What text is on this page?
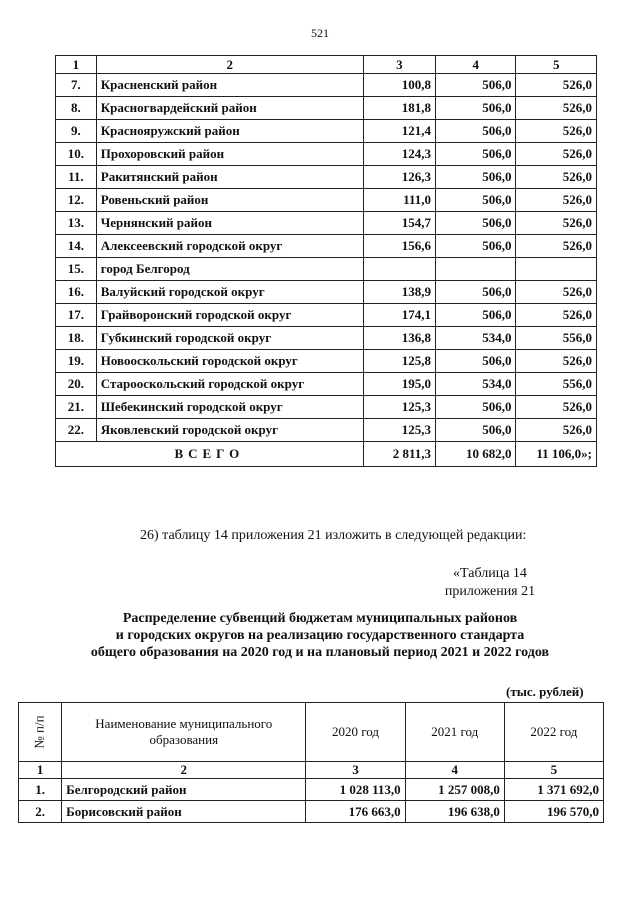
521
1	2	3	4	5
7.	Красненский район	100,8	506,0	526,0
8.	Красногвардейский район	181,8	506,0	526,0
9.	Краснояружский район	121,4	506,0	526,0
10.	Прохоровский район	124,3	506,0	526,0
11.	Ракитянский район	126,3	506,0	526,0
12.	Ровеньский район	111,0	506,0	526,0
13.	Чернянский район	154,7	506,0	526,0
14.	Алексеевский городской округ	156,6	506,0	526,0
15.	город Белгород			
16.	Валуйский городской округ	138,9	506,0	526,0
17.	Грайворонский городской округ	174,1	506,0	526,0
18.	Губкинский городской округ	136,8	534,0	556,0
19.	Новооскольский городской округ	125,8	506,0	526,0
20.	Старооскольский городской округ	195,0	534,0	556,0
21.	Шебекинский городской округ	125,3	506,0	526,0
22.	Яковлевский городской округ	125,3	506,0	526,0
ВСЕГО		2 811,3	10 682,0	11 106,0»;
26) таблицу 14 приложения 21 изложить в следующей редакции:
«Таблица 14
приложения 21
Распределение субвенций бюджетам муниципальных районов
и городских округов на реализацию государственного стандарта
общего образования на 2020 год и на плановый период 2021 и 2022 годов
(тыс. рублей)
№ п/п	Наименование муниципального образования	2020 год	2021 год	2022 год
1	2	3	4	5
1.	Белгородский район	1 028 113,0	1 257 008,0	1 371 692,0
2.	Борисовский район	176 663,0	196 638,0	196 570,0
